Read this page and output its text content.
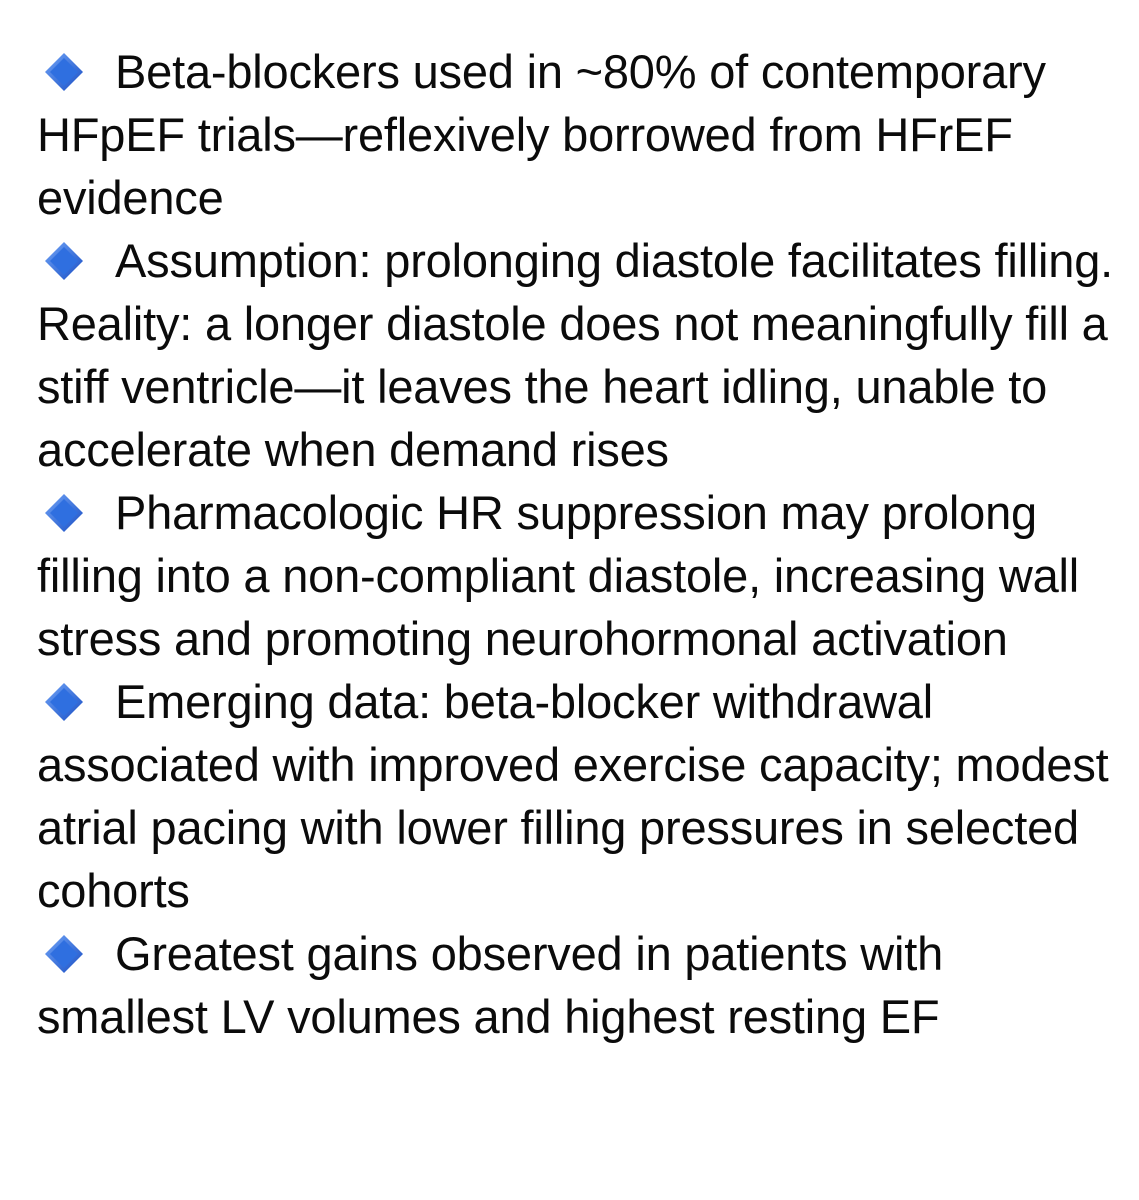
Beta-blockers used in ~80% of contemporary HFpEF trials—reflexively borrowed from HFrEF evidence

Assumption: prolonging diastole facilitates filling. Reality: a longer diastole does not meaningfully fill a stiff ventricle—it leaves the heart idling, unable to accelerate when demand rises

Pharmacologic HR suppression may prolong filling into a non-compliant diastole, increasing wall stress and promoting neurohormonal activation

Emerging data: beta-blocker withdrawal associated with improved exercise capacity; modest atrial pacing with lower filling pressures in selected cohorts

Greatest gains observed in patients with smallest LV volumes and highest resting EF
